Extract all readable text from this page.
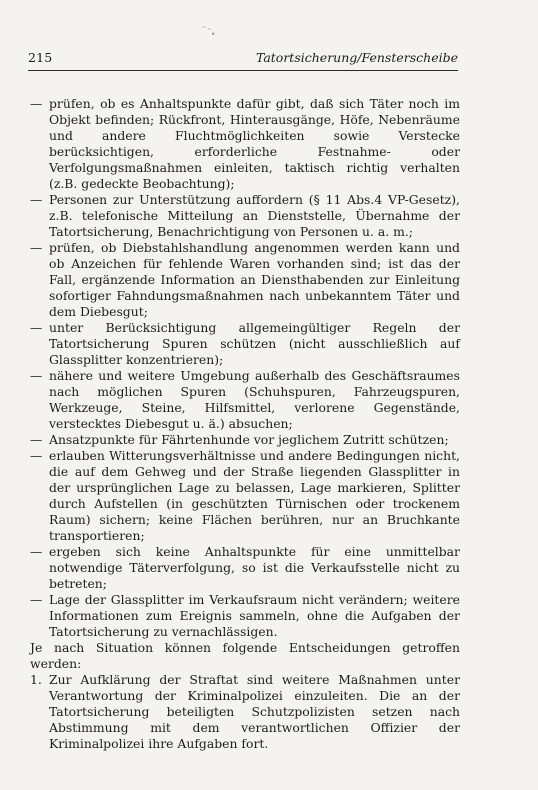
˜˜∙
215	Tatortsicherung/Fensterscheibe
— prüfen, ob es Anhaltspunkte dafür gibt, daß sich Täter noch im Objekt befinden; Rückfront, Hinterausgänge, Höfe, Nebenräume und andere Fluchtmöglichkeiten sowie Verstecke berücksichtigen, erforderliche Festnahme- oder Verfolgungsmaßnahmen einleiten, taktisch richtig verhalten (z.B. gedeckte Beobachtung);
— Personen zur Unterstützung auffordern (§ 11 Abs.4 VP-Gesetz), z.B. telefonische Mitteilung an Dienststelle, Übernahme der Tatortsicherung, Benachrichtigung von Personen u. a. m.;
— prüfen, ob Diebstahlshandlung angenommen werden kann und ob Anzeichen für fehlende Waren vorhanden sind; ist das der Fall, ergänzende Information an Diensthabenden zur Einleitung sofortiger Fahndungsmaßnahmen nach unbekanntem Täter und dem Diebesgut;
— unter Berücksichtigung allgemeingültiger Regeln der Tatortsicherung Spuren schützen (nicht ausschließlich auf Glassplitter konzentrieren);
— nähere und weitere Umgebung außerhalb des Geschäftsraumes nach möglichen Spuren (Schuhspuren, Fahrzeugspuren, Werkzeuge, Steine, Hilfsmittel, verlorene Gegenstände, verstecktes Diebesgut u. ä.) absuchen;
— Ansatzpunkte für Fährtenhunde vor jeglichem Zutritt schützen;
— erlauben Witterungsverhältnisse und andere Bedingungen nicht, die auf dem Gehweg und der Straße liegenden Glassplitter in der ursprünglichen Lage zu belassen, Lage markieren, Splitter durch Aufstellen (in geschützten Türnischen oder trockenem Raum) sichern; keine Flächen berühren, nur an Bruchkante transportieren;
— ergeben sich keine Anhaltspunkte für eine unmittelbar notwendige Täterverfolgung, so ist die Verkaufsstelle nicht zu betreten;
— Lage der Glassplitter im Verkaufsraum nicht verändern; weitere Informationen zum Ereignis sammeln, ohne die Aufgaben der Tatortsicherung zu vernachlässigen.

Je nach Situation können folgende Entscheidungen getroffen werden:

1. Zur Aufklärung der Straftat sind weitere Maßnahmen unter Verantwortung der Kriminalpolizei einzuleiten. Die an der Tatortsicherung beteiligten Schutzpolizisten setzen nach Abstimmung mit dem verantwortlichen Offizier der Kriminalpolizei ihre Aufgaben fort.
